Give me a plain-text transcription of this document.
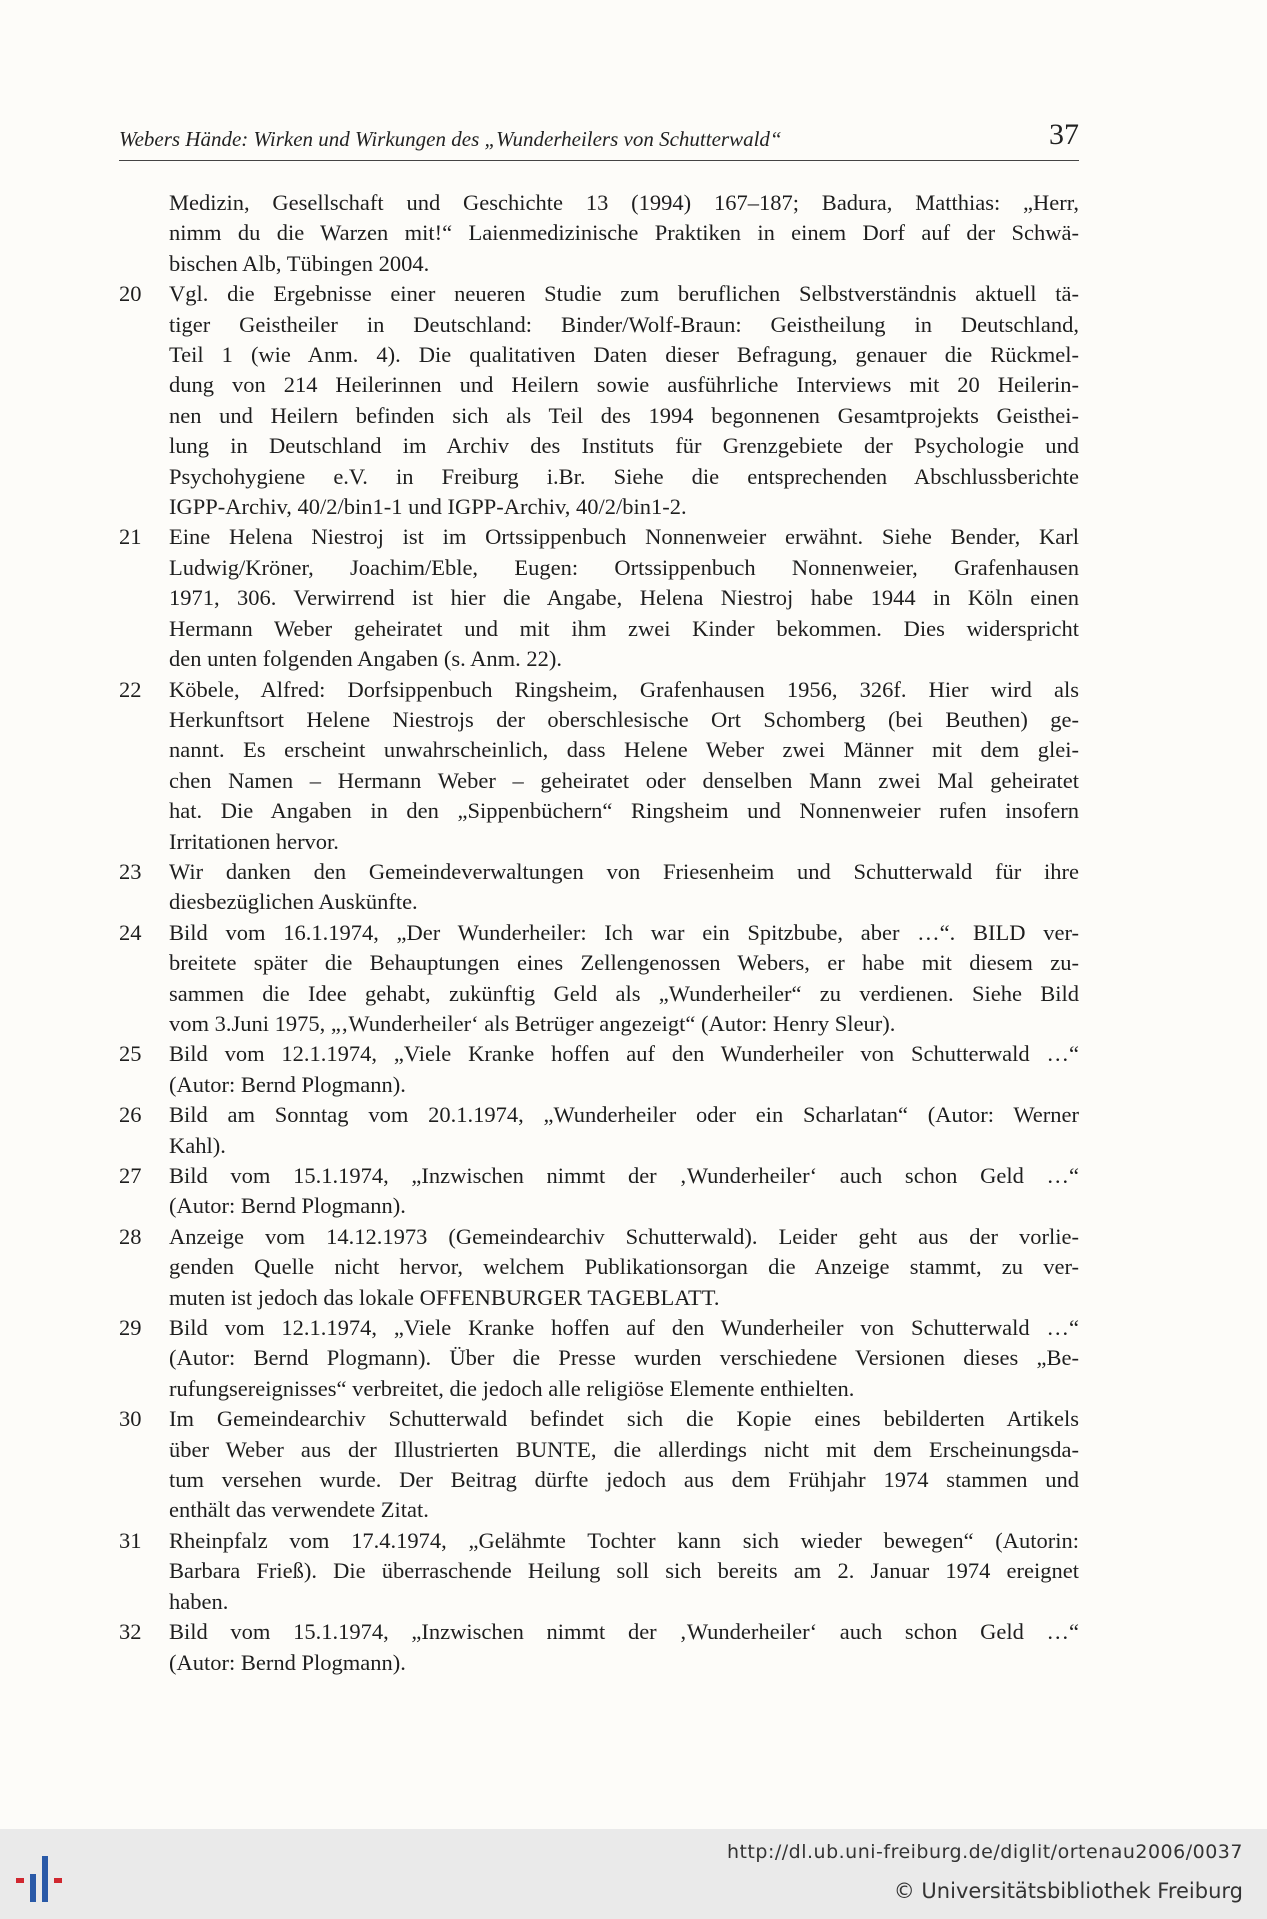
Webers Hände: Wirken und Wirkungen des „Wunderheilers von Schutterwald“	37
Medizin, Gesellschaft und Geschichte 13 (1994) 167–187; Badura, Matthias: „Herr,
nimm du die Warzen mit!“ Laienmedizinische Praktiken in einem Dorf auf der Schwä-
bischen Alb, Tübingen 2004.
20	Vgl. die Ergebnisse einer neueren Studie zum beruflichen Selbstverständnis aktuell tä-
tiger Geistheiler in Deutschland: Binder/Wolf-Braun: Geistheilung in Deutschland,
Teil 1 (wie Anm. 4). Die qualitativen Daten dieser Befragung, genauer die Rückmel-
dung von 214 Heilerinnen und Heilern sowie ausführliche Interviews mit 20 Heilerin-
nen und Heilern befinden sich als Teil des 1994 begonnenen Gesamtprojekts Geisthei-
lung in Deutschland im Archiv des Instituts für Grenzgebiete der Psychologie und
Psychohygiene e.V. in Freiburg i.Br. Siehe die entsprechenden Abschlussberichte
IGPP-Archiv, 40/2/bin1-1 und IGPP-Archiv, 40/2/bin1-2.
21	Eine Helena Niestroj ist im Ortssippenbuch Nonnenweier erwähnt. Siehe Bender, Karl
Ludwig/Kröner, Joachim/Eble, Eugen: Ortssippenbuch Nonnenweier, Grafenhausen
1971, 306. Verwirrend ist hier die Angabe, Helena Niestroj habe 1944 in Köln einen
Hermann Weber geheiratet und mit ihm zwei Kinder bekommen. Dies widerspricht
den unten folgenden Angaben (s. Anm. 22).
22	Köbele, Alfred: Dorfsippenbuch Ringsheim, Grafenhausen 1956, 326f. Hier wird als
Herkunftsort Helene Niestrojs der oberschlesische Ort Schomberg (bei Beuthen) ge-
nannt. Es erscheint unwahrscheinlich, dass Helene Weber zwei Männer mit dem glei-
chen Namen – Hermann Weber – geheiratet oder denselben Mann zwei Mal geheiratet
hat. Die Angaben in den „Sippenbüchern“ Ringsheim und Nonnenweier rufen insofern
Irritationen hervor.
23	Wir danken den Gemeindeverwaltungen von Friesenheim und Schutterwald für ihre
diesbezüglichen Auskünfte.
24	Bild vom 16.1.1974, „Der Wunderheiler: Ich war ein Spitzbube, aber …“. BILD ver-
breitete später die Behauptungen eines Zellengenossen Webers, er habe mit diesem zu-
sammen die Idee gehabt, zukünftig Geld als „Wunderheiler“ zu verdienen. Siehe Bild
vom 3.Juni 1975, „‚Wunderheiler‘ als Betrüger angezeigt“ (Autor: Henry Sleur).
25	Bild vom 12.1.1974, „Viele Kranke hoffen auf den Wunderheiler von Schutterwald …“
(Autor: Bernd Plogmann).
26	Bild am Sonntag vom 20.1.1974, „Wunderheiler oder ein Scharlatan“ (Autor: Werner
Kahl).
27	Bild vom 15.1.1974, „Inzwischen nimmt der ‚Wunderheiler‘ auch schon Geld …“
(Autor: Bernd Plogmann).
28	Anzeige vom 14.12.1973 (Gemeindearchiv Schutterwald). Leider geht aus der vorlie-
genden Quelle nicht hervor, welchem Publikationsorgan die Anzeige stammt, zu ver-
muten ist jedoch das lokale OFFENBURGER TAGEBLATT.
29	Bild vom 12.1.1974, „Viele Kranke hoffen auf den Wunderheiler von Schutterwald …“
(Autor: Bernd Plogmann). Über die Presse wurden verschiedene Versionen dieses „Be-
rufungsereignisses“ verbreitet, die jedoch alle religiöse Elemente enthielten.
30	Im Gemeindearchiv Schutterwald befindet sich die Kopie eines bebilderten Artikels
über Weber aus der Illustrierten BUNTE, die allerdings nicht mit dem Erscheinungsda-
tum versehen wurde. Der Beitrag dürfte jedoch aus dem Frühjahr 1974 stammen und
enthält das verwendete Zitat.
31	Rheinpfalz vom 17.4.1974, „Gelähmte Tochter kann sich wieder bewegen“ (Autorin:
Barbara Frieß). Die überraschende Heilung soll sich bereits am 2. Januar 1974 ereignet
haben.
32	Bild vom 15.1.1974, „Inzwischen nimmt der ‚Wunderheiler‘ auch schon Geld …“
(Autor: Bernd Plogmann).
http://dl.ub.uni-freiburg.de/diglit/ortenau2006/0037
© Universitätsbibliothek Freiburg
